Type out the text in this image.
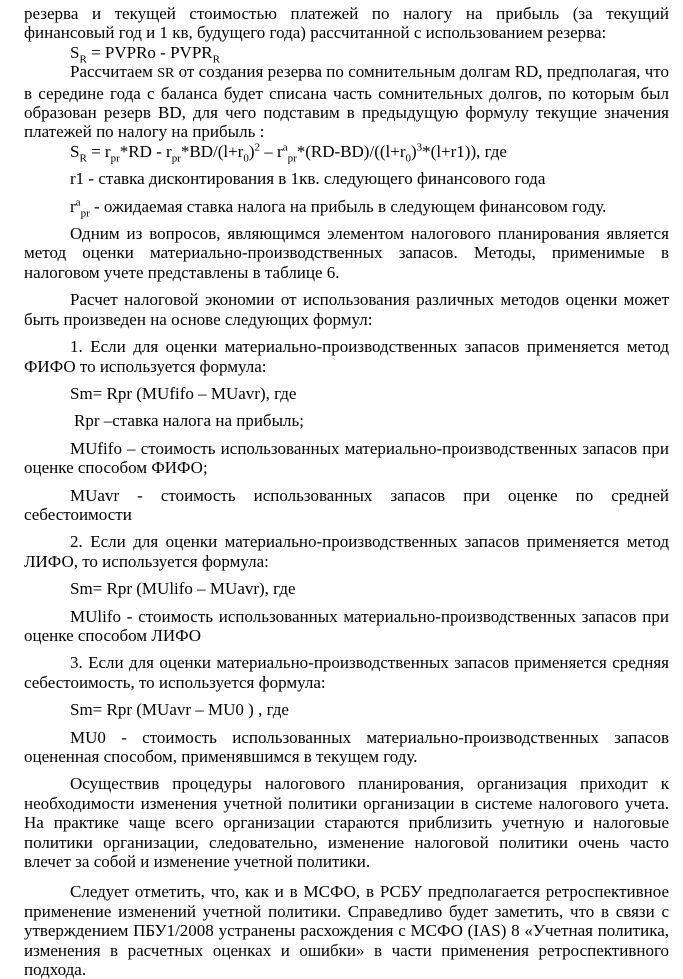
резерва и текущей стоимостью платежей по налогу на прибыль (за текущий финансовый год и 1 кв, будущего года) рассчитанной с использованием резерва:

$S_R$ = PVPRo - $PVPR_R$

Рассчитаем SR от создания резерва по сомнительным долгам RD, предполагая, что в середине года с баланса будет списана часть сомнительных долгов, по которым был образован резерв BD, для чего подставим в предыдущую формулу текущие значения платежей по налогу на прибыль :

$S_R = r_{pr}*RD - r_{pr}*BD/(l+r_0)^2 - r^a_{pr}*(RD-BD)/((l+r_0)^3*(l+r1))$, где

r1 - ставка дисконтирования в 1кв. следующего финансового года

$r^a_{pr}$ - ожидаемая ставка налога на прибыль в следующем финансовом году.

Одним из вопросов, являющимся элементом налогового планирования является метод оценки материально-производственных запасов. Методы, применимые в налоговом учете представлены в таблице 6.

Расчет налоговой экономии от использования различных методов оценки может быть произведен на основе следующих формул:

1. Если для оценки материально-производственных запасов применяется метод ФИФО то используется формула:

Sm= Rpr (MUfifo – MUavr), где

Rpr –ставка налога на прибыль;

MUfifo – стоимость использованных материально-производственных запасов при оценке способом ФИФО;

MUavr - стоимость использованных запасов при оценке по средней себестоимости

2. Если для оценки материально-производственных запасов применяется метод ЛИФО, то используется формула:

Sm= Rpr (MUlifo – MUavr), где

MUlifo - стоимость использованных материально-производственных запасов при оценке способом ЛИФО

3. Если для оценки материально-производственных запасов применяется средняя себестоимость, то используется формула:

Sm= Rpr (MUavr – MU0 ) , где

MU0 - стоимость использованных материально-производственных запасов оцененная способом, применявшимся в текущем году.

Осуществив процедуры налогового планирования, организация приходит к необходимости изменения учетной политики организации в системе налогового учета. На практике чаще всего организации стараются приблизить учетную и налоговые политики организации, следовательно, изменение налоговой политики очень часто влечет за собой и изменение учетной политики.

Следует отметить, что, как и в МСФО, в РСБУ предполагается ретроспективное применение изменений учетной политики. Справедливо будет заметить, что в связи с утверждением ПБУ1/2008 устранены расхождения с МСФО (IAS) 8 «Учетная политика, изменения в расчетных оценках и ошибки» в части применения ретроспективного подхода.
